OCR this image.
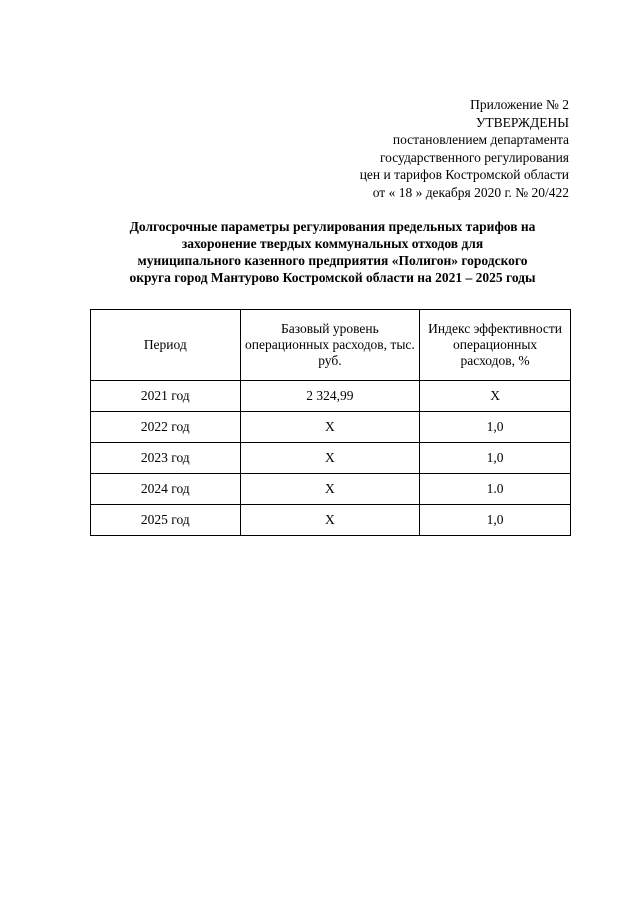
Приложение № 2
УТВЕРЖДЕНЫ
постановлением департамента
государственного регулирования
цен и тарифов Костромской области
от « 18 » декабря 2020 г. № 20/422
Долгосрочные параметры регулирования предельных тарифов на
захоронение твердых коммунальных отходов для
муниципального казенного предприятия «Полигон» городского
округа город Мантурово Костромской области на 2021 – 2025 годы
Период	Базовый уровень операционных расходов, тыс. руб.	Индекс эффективности операционных расходов, %
2021 год	2 324,99	Х
2022 год	Х	1,0
2023 год	Х	1,0
2024 год	Х	1.0
2025 год	Х	1,0
